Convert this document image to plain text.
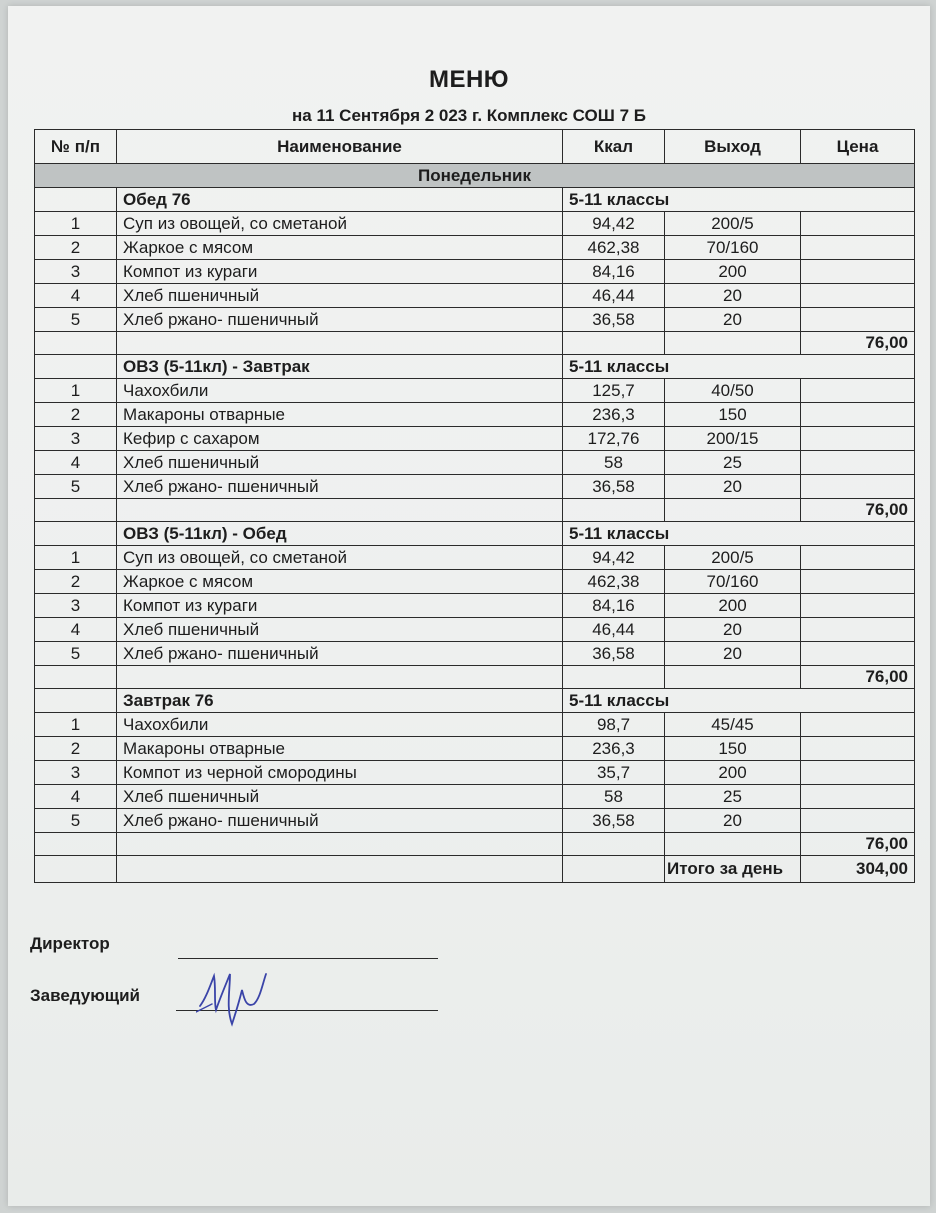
МЕНЮ
на 11 Сентября 2 023 г. Комплекс СОШ 7 Б
№ п/п	Наименование	Ккал	Выход	Цена
Понедельник				
	Обед 76	5-11 классы		
1	Суп из овощей, со сметаной	94,42	200/5	
2	Жаркое с мясом	462,38	70/160	
3	Компот из кураги	84,16	200	
4	Хлеб пшеничный	46,44	20	
5	Хлеб ржано- пшеничный	36,58	20	
				76,00
	ОВЗ (5-11кл) - Завтрак	5-11 классы		
1	Чахохбили	125,7	40/50	
2	Макароны отварные	236,3	150	
3	Кефир с сахаром	172,76	200/15	
4	Хлеб пшеничный	58	25	
5	Хлеб ржано- пшеничный	36,58	20	
				76,00
	ОВЗ (5-11кл) - Обед	5-11 классы		
1	Суп из овощей, со сметаной	94,42	200/5	
2	Жаркое с мясом	462,38	70/160	
3	Компот из кураги	84,16	200	
4	Хлеб пшеничный	46,44	20	
5	Хлеб ржано- пшеничный	36,58	20	
				76,00
	Завтрак 76	5-11 классы		
1	Чахохбили	98,7	45/45	
2	Макароны отварные	236,3	150	
3	Компот из черной смородины	35,7	200	
4	Хлеб пшеничный	58	25	
5	Хлеб ржано- пшеничный	36,58	20	
				76,00
			Итого за день	304,00
Директор
Заведующий
